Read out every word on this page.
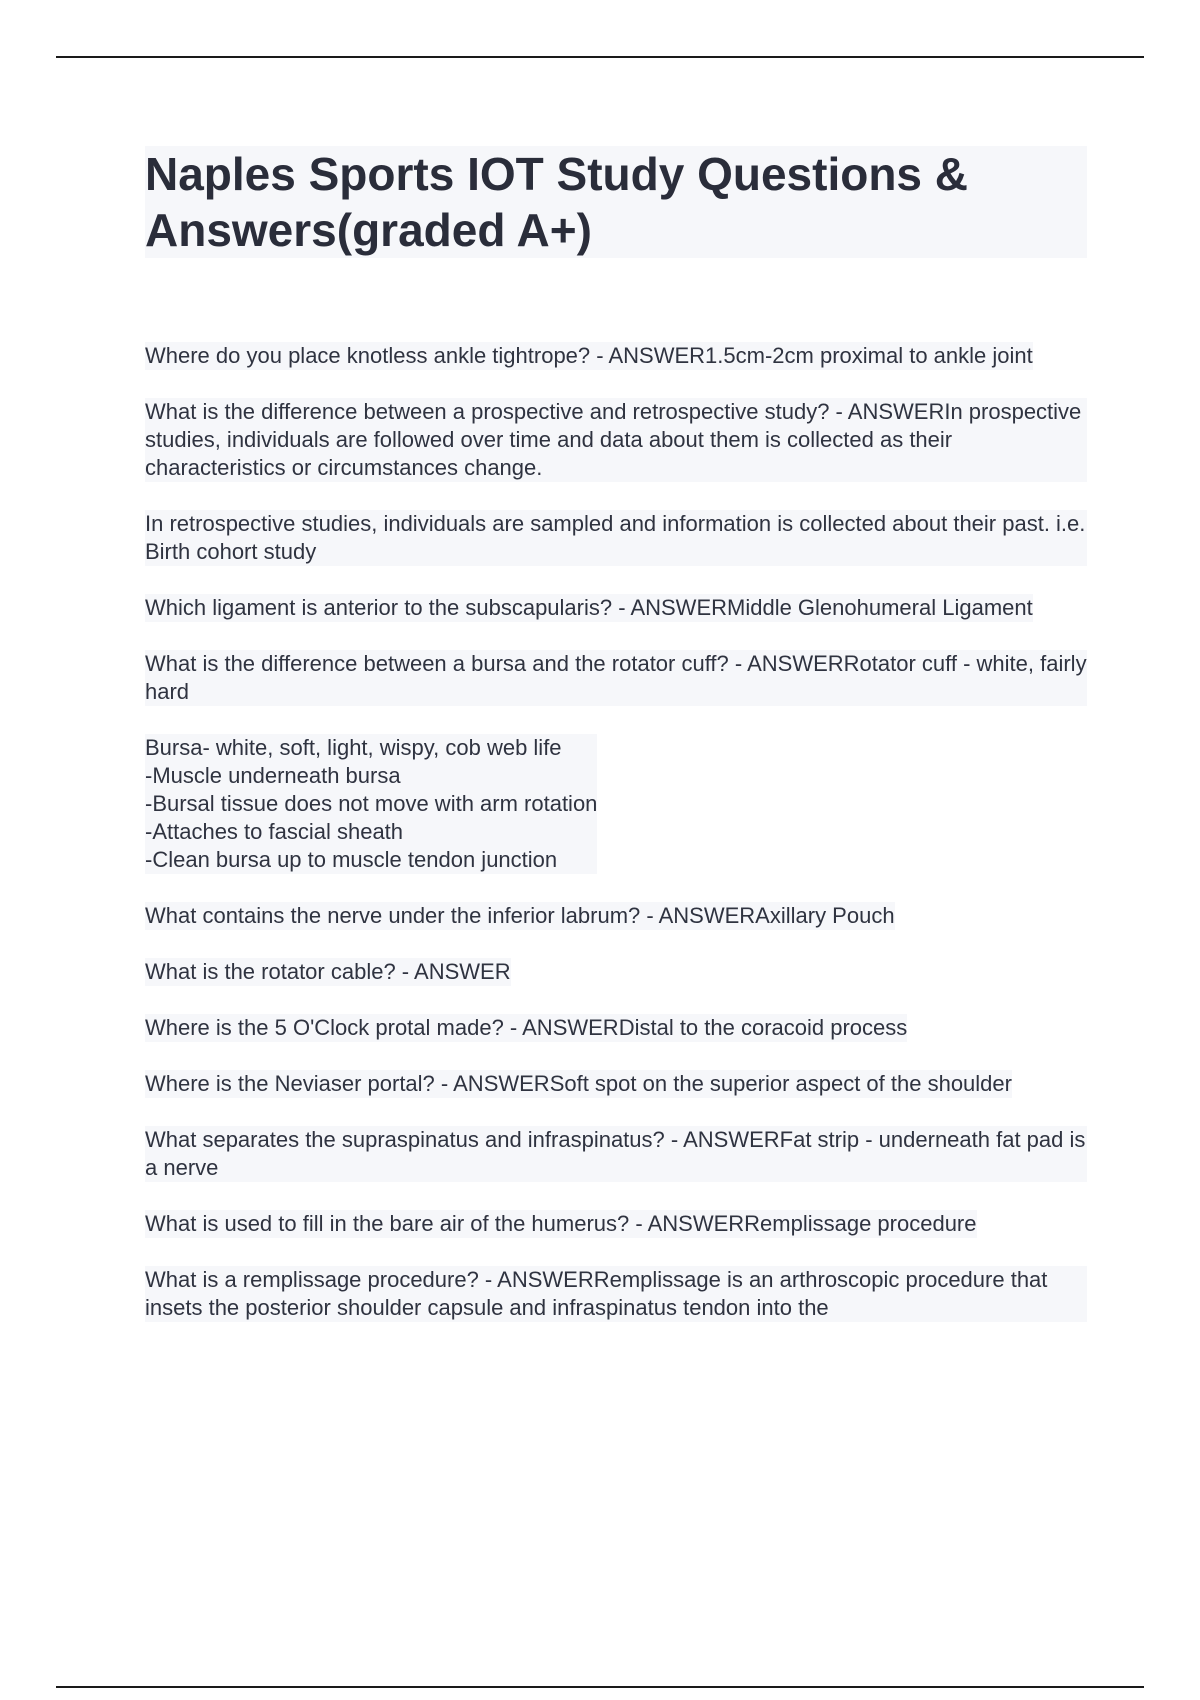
Naples Sports IOT Study Questions & Answers(graded A+)
Where do you place knotless ankle tightrope? - ANSWER1.5cm-2cm proximal to ankle joint
What is the difference between a prospective and retrospective study? - ANSWERIn prospective studies, individuals are followed over time and data about them is collected as their characteristics or circumstances change.
In retrospective studies, individuals are sampled and information is collected about their past. i.e. Birth cohort study
Which ligament is anterior to the subscapularis? - ANSWERMiddle Glenohumeral Ligament
What is the difference between a bursa and the rotator cuff? - ANSWERRotator cuff - white, fairly hard
Bursa- white, soft, light, wispy, cob web life
-Muscle underneath bursa
-Bursal tissue does not move with arm rotation
-Attaches to fascial sheath
-Clean bursa up to muscle tendon junction
What contains the nerve under the inferior labrum? - ANSWERAxillary Pouch
What is the rotator cable? - ANSWER
Where is the 5 O'Clock protal made? - ANSWERDistal to the coracoid process
Where is the Neviaser portal? - ANSWERSoft spot on the superior aspect of the shoulder
What separates the supraspinatus and infraspinatus? - ANSWERFat strip - underneath fat pad is a nerve
What is used to fill in the bare air of the humerus? - ANSWERRemplissage procedure
What is a remplissage procedure? - ANSWERRemplissage is an arthroscopic procedure that insets the posterior shoulder capsule and infraspinatus tendon into the
